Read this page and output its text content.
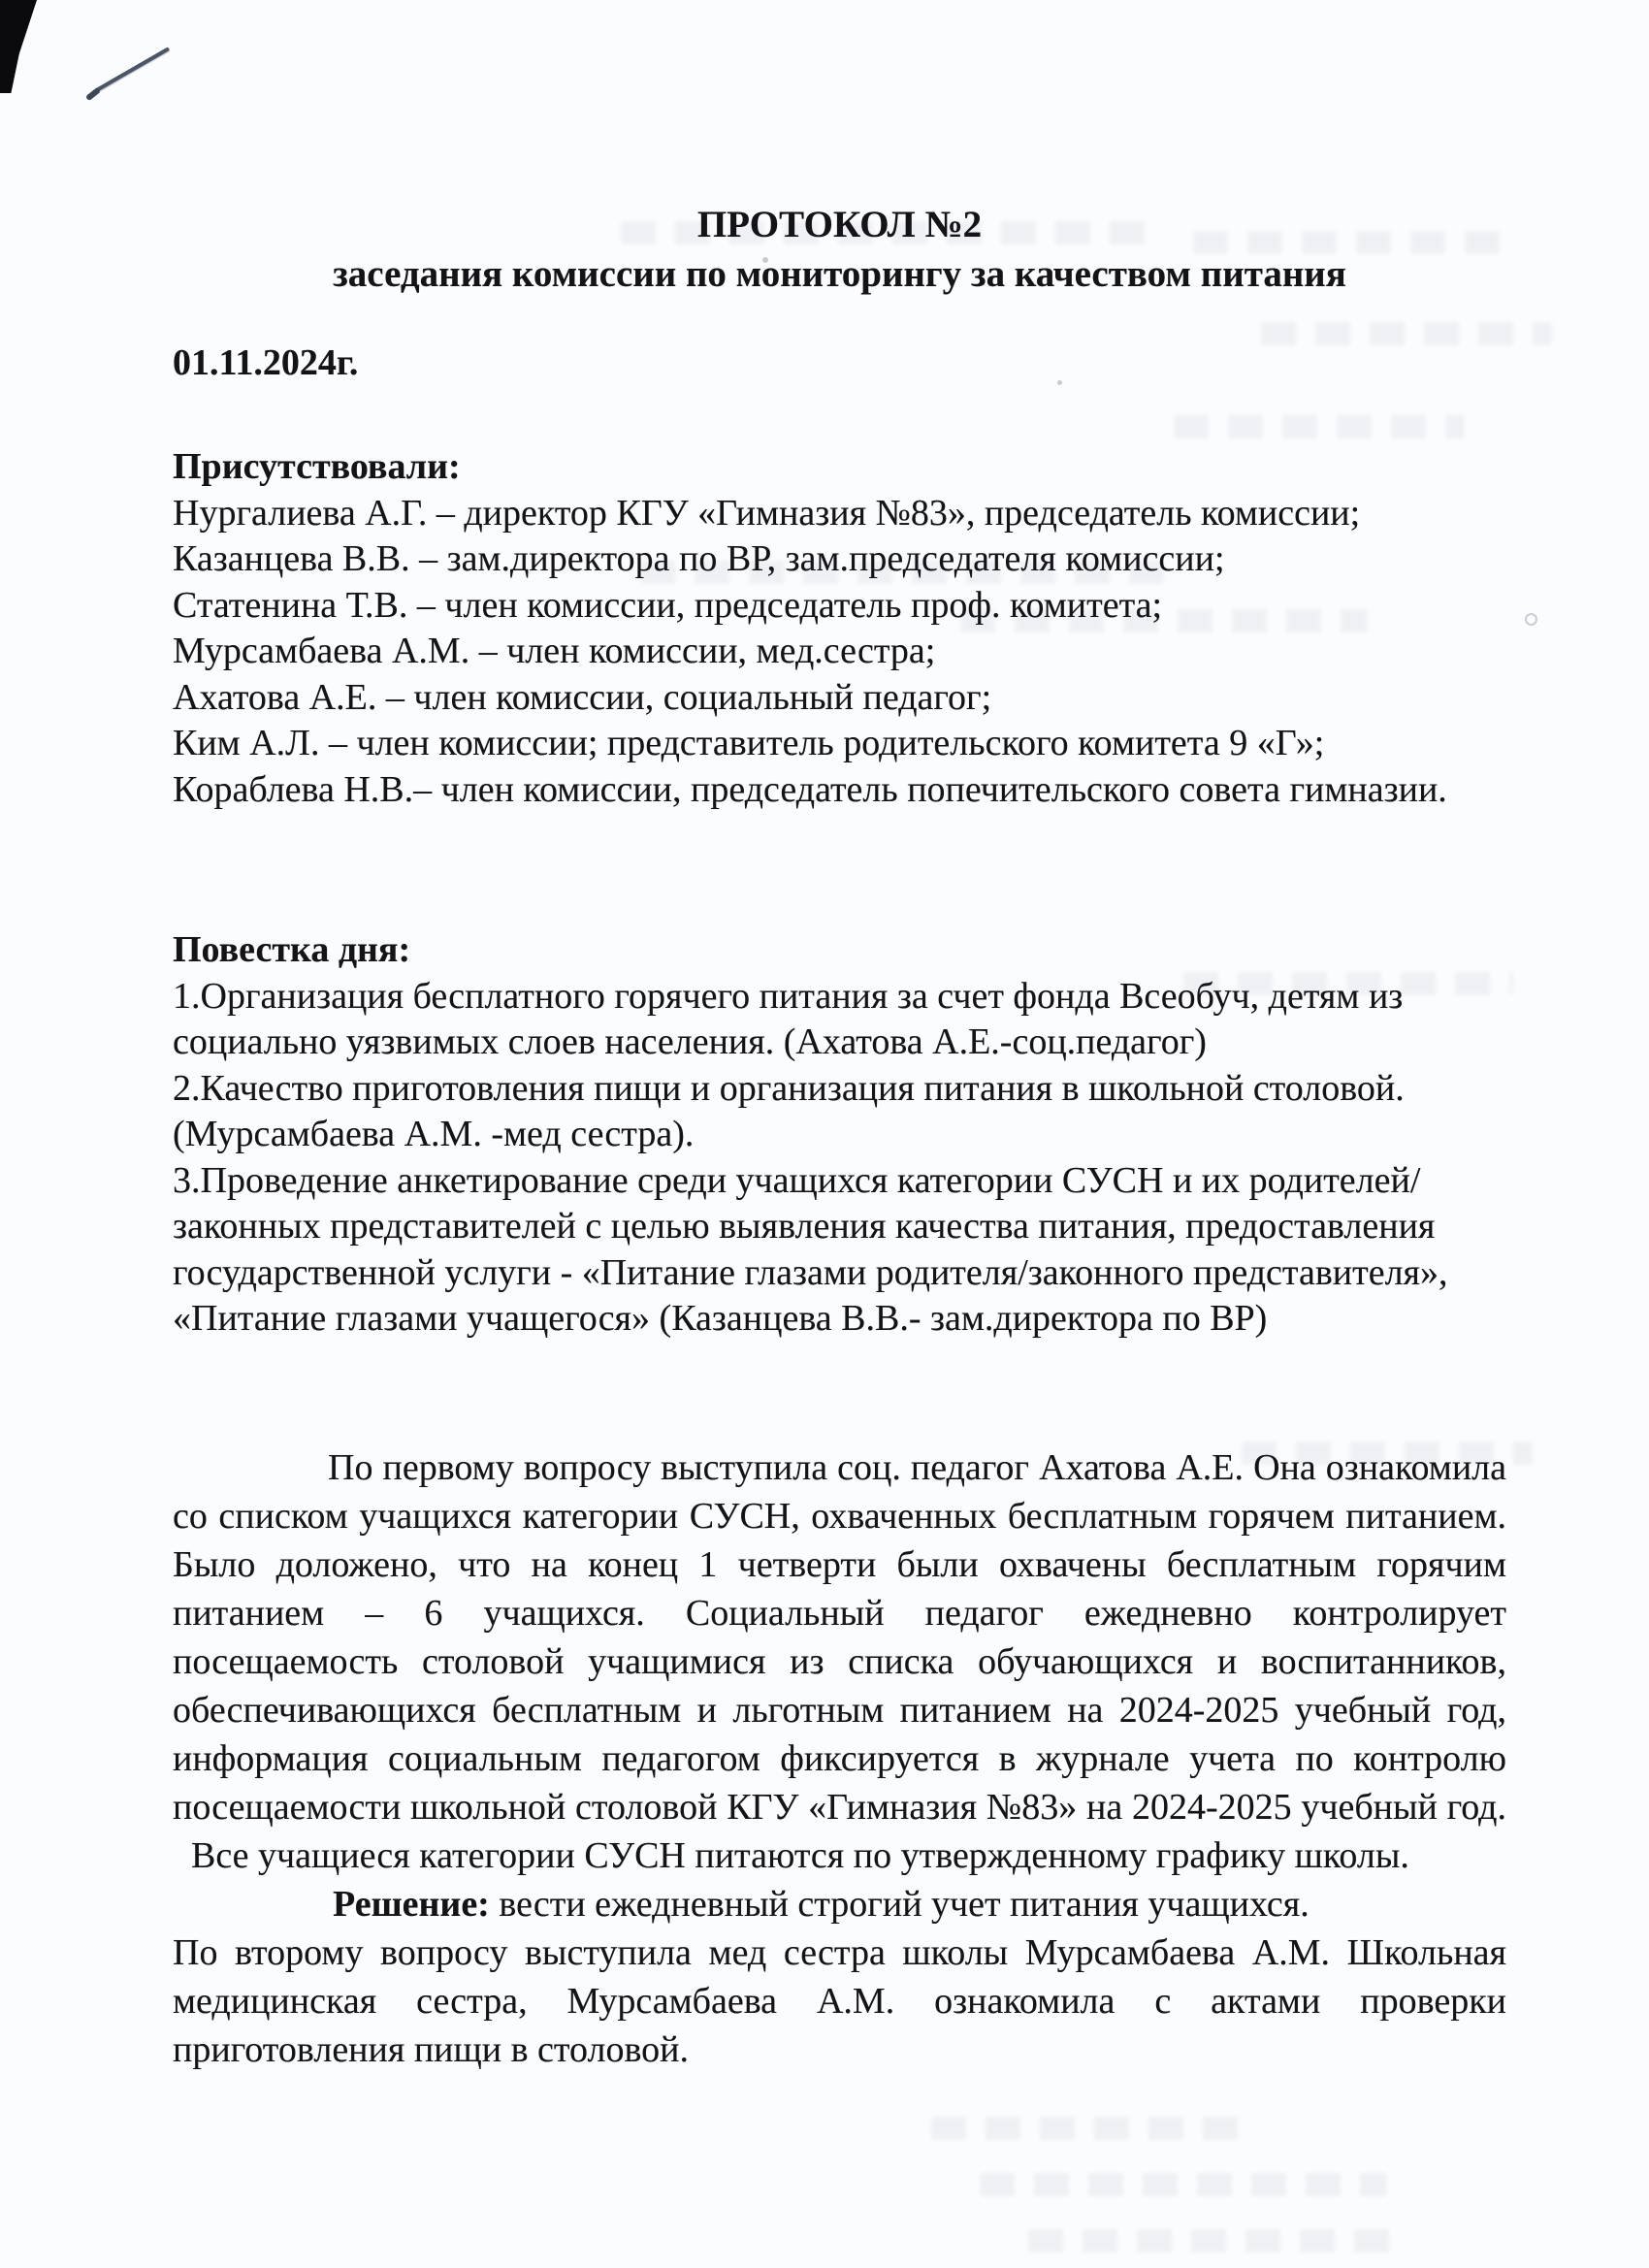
ПРОТОКОЛ №2
заседания комиссии по мониторингу за качеством питания
01.11.2024г.
Присутствовали:
Нургалиева А.Г. – директор КГУ «Гимназия №83», председатель комиссии;
Казанцева В.В. – зам.директора по ВР, зам.председателя комиссии;
Статенина Т.В. – член комиссии, председатель проф. комитета;
Мурсамбаева А.М. – член комиссии, мед.сестра;
Ахатова А.Е. – член комиссии, социальный педагог;
Ким А.Л. – член комиссии; представитель родительского комитета 9 «Г»;
Кораблева Н.В.– член комиссии, председатель попечительского совета гимназии.
Повестка дня:
1.Организация бесплатного горячего питания за счет фонда Всеобуч, детям из социально уязвимых слоев населения. (Ахатова А.Е.-соц.педагог)
2.Качество приготовления пищи и организация питания в школьной столовой. (Мурсамбаева А.М. -мед сестра).
3.Проведение анкетирование среди учащихся категории СУСН и их родителей/законных представителей с целью выявления качества питания, предоставления государственной услуги - «Питание глазами родителя/законного представителя», «Питание глазами учащегося» (Казанцева В.В.- зам.директора по ВР)
По первому вопросу выступила соц. педагог Ахатова А.Е. Она ознакомила со списком учащихся категории СУСН, охваченных бесплатным горячем питанием. Было доложено, что на конец 1 четверти были охвачены бесплатным горячим питанием – 6 учащихся. Социальный педагог ежедневно контролирует посещаемость столовой учащимися из списка обучающихся и воспитанников, обеспечивающихся бесплатным и льготным питанием на 2024-2025 учебный год, информация социальным педагогом фиксируется в журнале учета по контролю посещаемости школьной столовой КГУ «Гимназия №83» на 2024-2025 учебный год.   Все учащиеся категории СУСН питаются по утвержденному графику школы.
Решение: вести ежедневный строгий учет питания учащихся.
По второму вопросу выступила мед сестра школы Мурсамбаева А.М. Школьная медицинская сестра, Мурсамбаева А.М. ознакомила с актами проверки приготовления пищи в столовой.
